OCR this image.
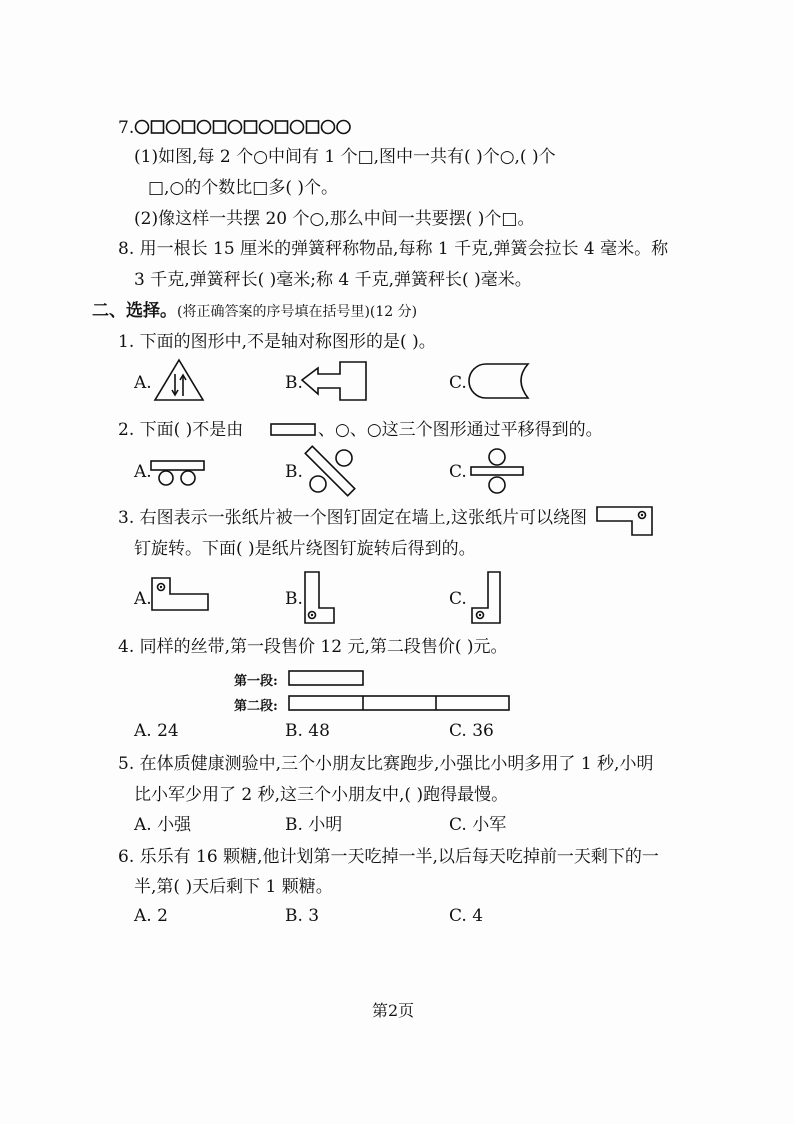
7.
(1)如图,每 2 个○中间有 1 个□,图中一共有( )个○,( )个
□,○的个数比□多( )个。
(2)像这样一共摆 20 个○,那么中间一共要摆( )个□。
8. 用一根长 15 厘米的弹簧秤称物品,每称 1 千克,弹簧会拉长 4 毫米。称
3 千克,弹簧秤长( )毫米;称 4 千克,弹簧秤长( )毫米。
二、选择。(将正确答案的序号填在括号里)(12 分)
1. 下面的图形中,不是轴对称图形的是( )。
A.	B.	C.
2. 下面( )不是由	、○、○这三个图形通过平移得到的。
A.	B.	C.
3. 右图表示一张纸片被一个图钉固定在墙上,这张纸片可以绕图
钉旋转。下面( )是纸片绕图钉旋转后得到的。
A.	B.	C.
4. 同样的丝带,第一段售价 12 元,第二段售价( )元。
第一段:
第二段:
A. 24	B. 48	C. 36
5. 在体质健康测验中,三个小朋友比赛跑步,小强比小明多用了 1 秒,小明
比小军少用了 2 秒,这三个小朋友中,( )跑得最慢。
A. 小强	B. 小明	C. 小军
6. 乐乐有 16 颗糖,他计划第一天吃掉一半,以后每天吃掉前一天剩下的一
半,第( )天后剩下 1 颗糖。
A. 2	B. 3	C. 4
第2页
